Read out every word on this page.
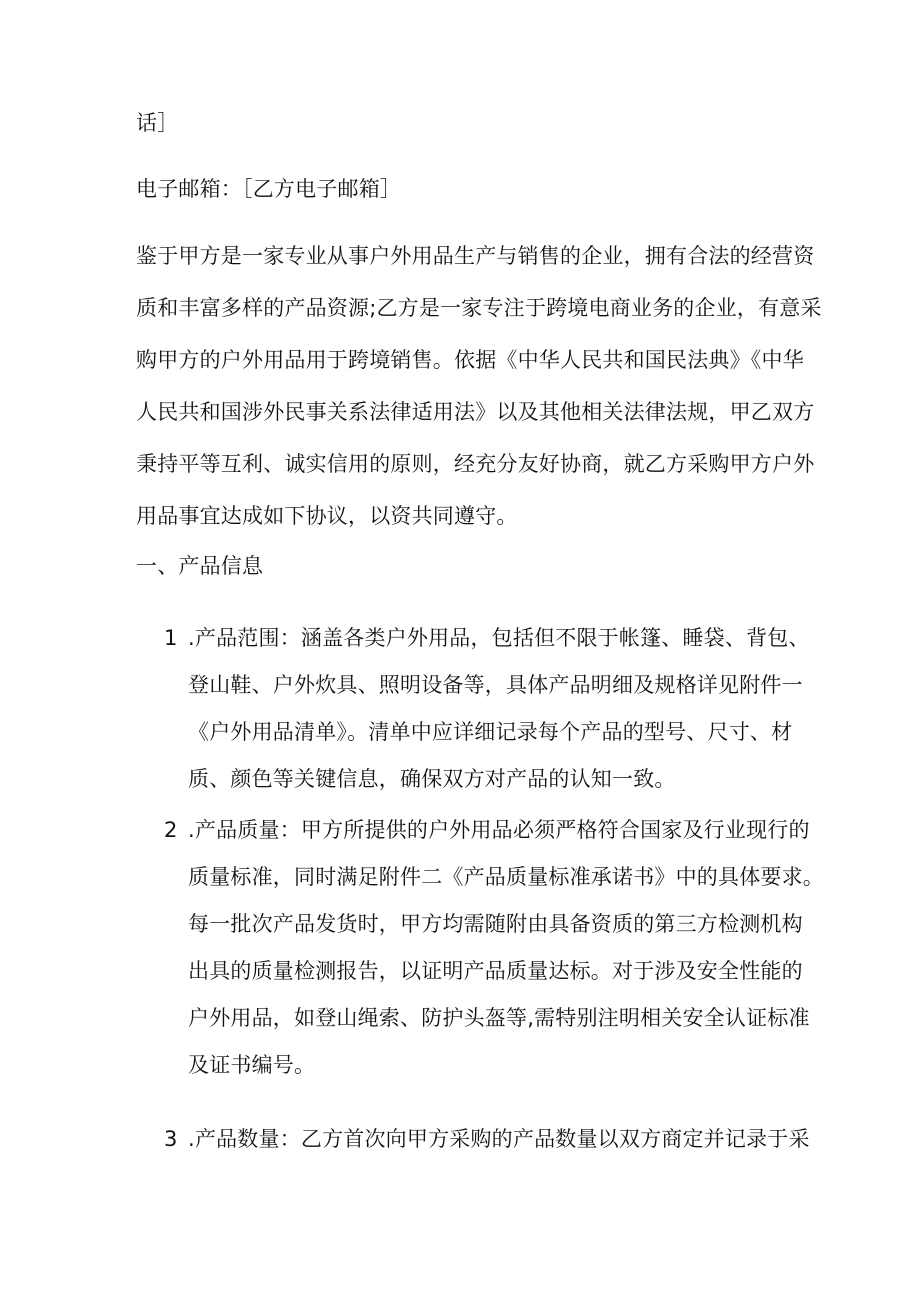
话］
电子邮箱：［乙方电子邮箱］
鉴于甲方是一家专业从事户外用品生产与销售的企业，拥有合法的经营资
质和丰富多样的产品资源;乙方是一家专注于跨境电商业务的企业，有意采
购甲方的户外用品用于跨境销售。依据《中华人民共和国民法典》《中华
人民共和国涉外民事关系法律适用法》以及其他相关法律法规，甲乙双方
秉持平等互利、诚实信用的原则，经充分友好协商，就乙方采购甲方户外
用品事宜达成如下协议，以资共同遵守。
一、产品信息
1 .产品范围：涵盖各类户外用品，包括但不限于帐篷、睡袋、背包、
登山鞋、户外炊具、照明设备等，具体产品明细及规格详见附件一
《户外用品清单》。清单中应详细记录每个产品的型号、尺寸、材
质、颜色等关键信息，确保双方对产品的认知一致。
2 .产品质量：甲方所提供的户外用品必须严格符合国家及行业现行的
质量标准，同时满足附件二《产品质量标准承诺书》中的具体要求。
每一批次产品发货时，甲方均需随附由具备资质的第三方检测机构
出具的质量检测报告，以证明产品质量达标。对于涉及安全性能的
户外用品，如登山绳索、防护头盔等,需特别注明相关安全认证标准
及证书编号。
3 .产品数量：乙方首次向甲方采购的产品数量以双方商定并记录于采
